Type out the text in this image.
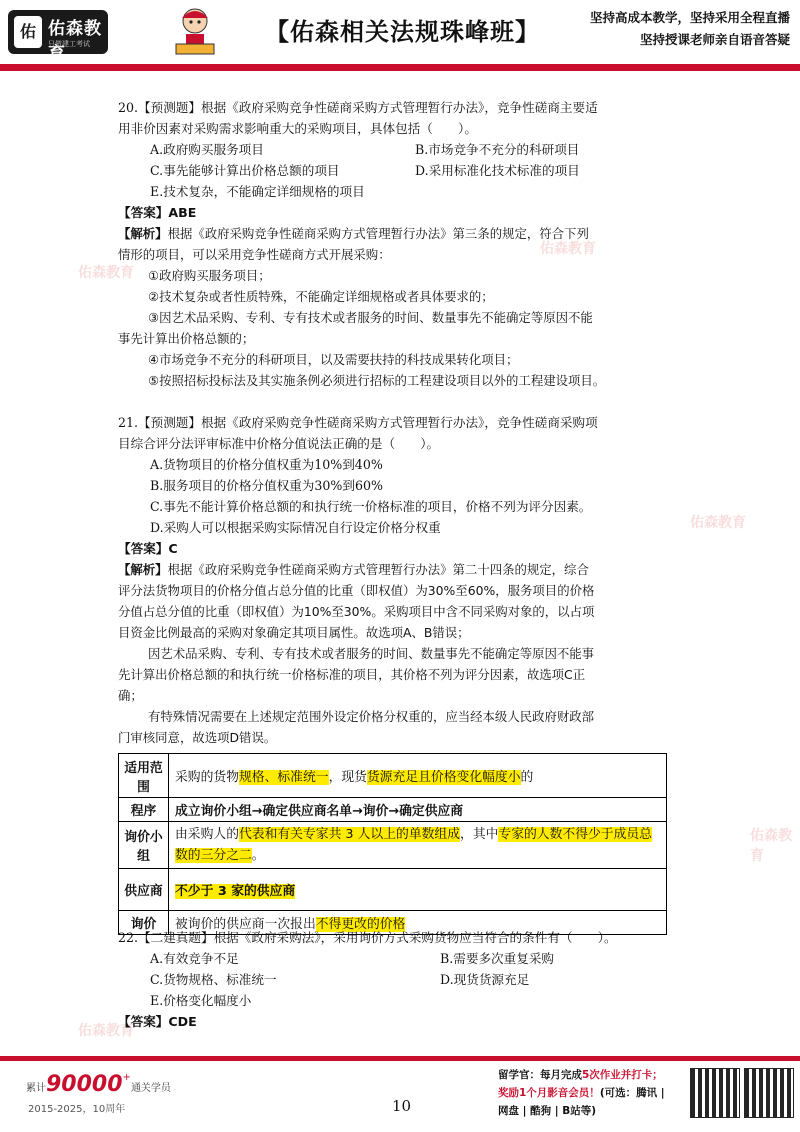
佑 佑森教育
只做建工考试	【佑森相关法规珠峰班】
坚持高成本教学，坚持采用全程直播
坚持授课老师亲自语音答疑
佑森教育
佑森教育
佑森教育
佑森教育
佑森教育
20.【预测题】根据《政府采购竞争性磋商采购方式管理暂行办法》，竞争性磋商主要适
用非价因素对采购需求影响重大的采购项目，具体包括（　　）。
A.政府购买服务项目	B.市场竞争不充分的科研项目
C.事先能够计算出价格总额的项目	D.采用标准化技术标准的项目
E.技术复杂，不能确定详细规格的项目
【答案】ABE
【解析】根据《政府采购竞争性磋商采购方式管理暂行办法》第三条的规定，符合下列
情形的项目，可以采用竞争性磋商方式开展采购：
①政府购买服务项目；
②技术复杂或者性质特殊，不能确定详细规格或者具体要求的；
③因艺术品采购、专利、专有技术或者服务的时间、数量事先不能确定等原因不能
事先计算出价格总额的；
④市场竞争不充分的科研项目，以及需要扶持的科技成果转化项目；
⑤按照招标投标法及其实施条例必须进行招标的工程建设项目以外的工程建设项目。
21.【预测题】根据《政府采购竞争性磋商采购方式管理暂行办法》，竞争性磋商采购项
目综合评分法评审标准中价格分值说法正确的是（　　）。
A.货物项目的价格分值权重为10%到40%
B.服务项目的价格分值权重为30%到60%
C.事先不能计算价格总额的和执行统一价格标准的项目，价格不列为评分因素。
D.采购人可以根据采购实际情况自行设定价格分权重
【答案】C
【解析】根据《政府采购竞争性磋商采购方式管理暂行办法》第二十四条的规定，综合
评分法货物项目的价格分值占总分值的比重（即权值）为30%至60%，服务项目的价格
分值占总分值的比重（即权值）为10%至30%。采购项目中含不同采购对象的，以占项
目资金比例最高的采购对象确定其项目属性。故选项A、B错误；
因艺术品采购、专利、专有技术或者服务的时间、数量事先不能确定等原因不能事
先计算出价格总额的和执行统一价格标准的项目，其价格不列为评分因素，故选项C正
确；
有特殊情况需要在上述规定范围外设定价格分权重的，应当经本级人民政府财政部
门审核同意，故选项D错误。
适用范围	采购的货物规格、标准统一，现货货源充足且价格变化幅度小的
程序	成立询价小组→确定供应商名单→询价→确定供应商
询价小组	由采购人的代表和有关专家共 3 人以上的单数组成，其中专家的人数不得少于成员总数的三分之二。
供应商	不少于 3 家的供应商
询价	被询价的供应商一次报出不得更改的价格
22.【二建真题】根据《政府采购法》，采用询价方式采购货物应当符合的条件有（　　）。
A.有效竞争不足	B.需要多次重复采购
C.货物规格、标准统一	D.现货货源充足
E.价格变化幅度小
【答案】CDE
累计90000+通关学员
2015-2025，10周年	10
留学官：每月完成5次作业并打卡；
奖励1个月影音会员！(可选：腾讯 |
网盘 | 酷狗 | B站等)
